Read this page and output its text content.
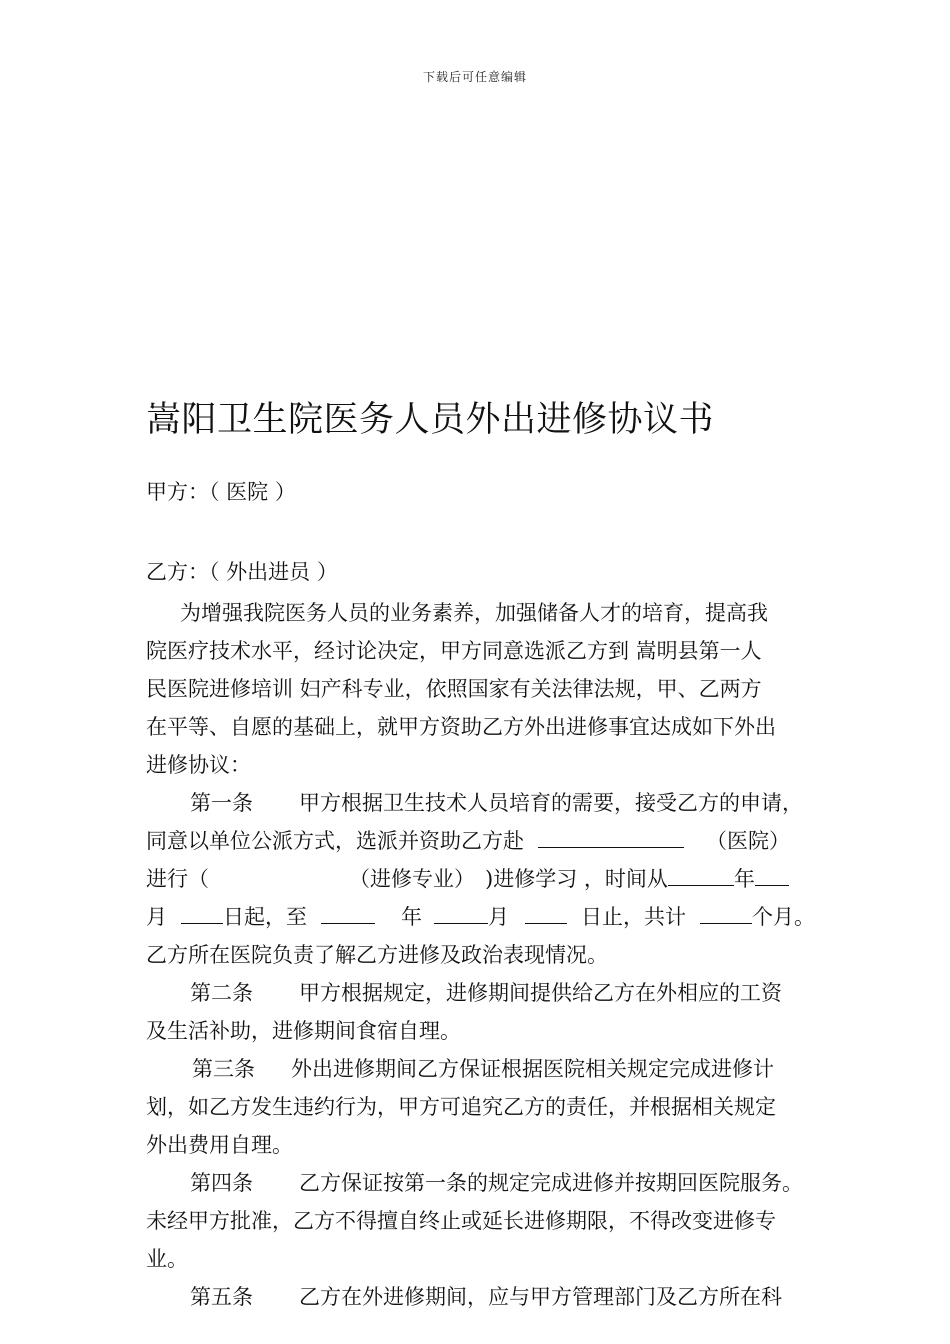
下载后可任意编辑
嵩阳卫生院医务人员外出进修协议书
甲方：（ 医院 ）
乙方：（ 外出进员 ）
为增强我院医务人员的业务素养，加强储备人才的培育，提高我
院医疗技术水平，经讨论决定，甲方同意选派乙方到 嵩明县第一人
民医院进修培训 妇产科专业，依照国家有关法律法规，甲、乙两方
在平等、自愿的基础上，就甲方资助乙方外出进修事宜达成如下外出
进修协议：
第一条 甲方根据卫生技术人员培育的需要，接受乙方的申请，
同意以单位公派方式，选派并资助乙方赴	（医院）
进行（	（进修专业） )进修学习 ，时间从	年
月	日起，至	年	月	日止，共计	个月。
乙方所在医院负责了解乙方进修及政治表现情况。
第二条 甲方根据规定，进修期间提供给乙方在外相应的工资
及生活补助，进修期间食宿自理。
第三条 外出进修期间乙方保证根据医院相关规定完成进修计
划，如乙方发生违约行为，甲方可追究乙方的责任，并根据相关规定
外出费用自理。
第四条 乙方保证按第一条的规定完成进修并按期回医院服务。
未经甲方批准，乙方不得擅自终止或延长进修期限，不得改变进修专
业。
第五条 乙方在外进修期间，应与甲方管理部门及乙方所在科
